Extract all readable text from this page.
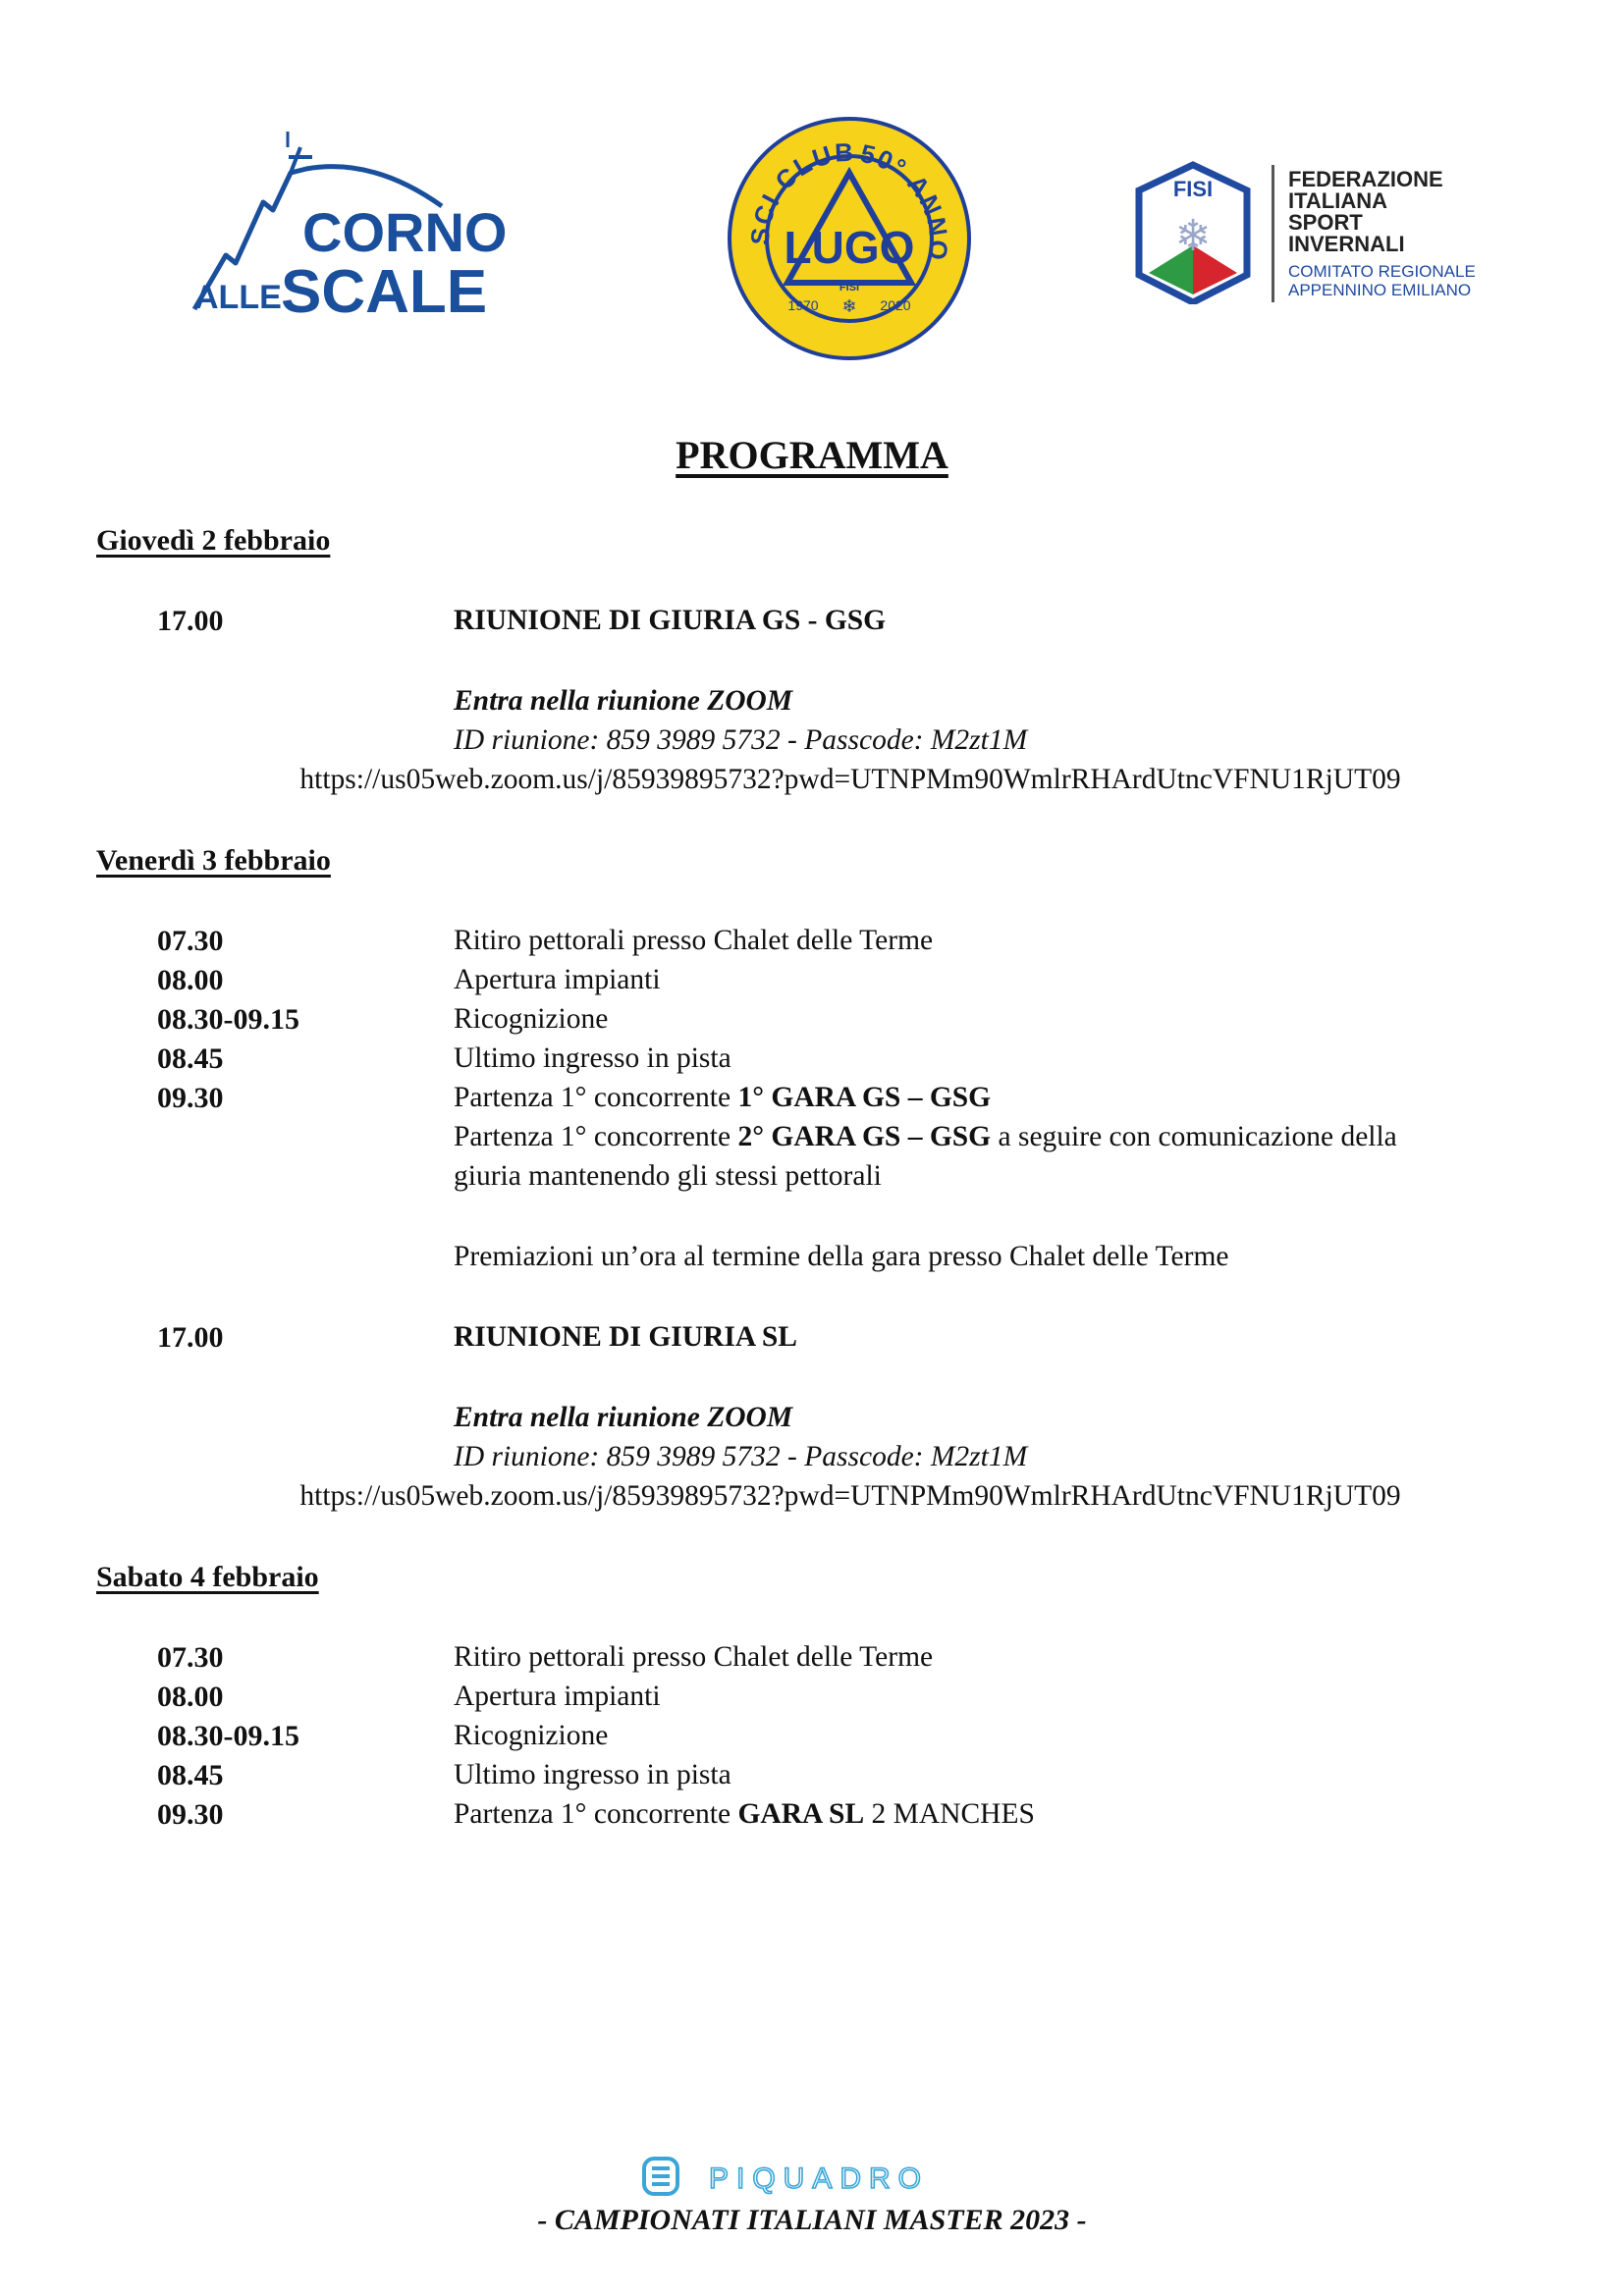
CORNO
ALLE SCALE
SCI CLUB 50° ANNO
LUGO
FISI
1970	2020
❄
FISI
❄
FEDERAZIONE ITALIANA SPORT INVERNALI
COMITATO REGIONALE APPENNINO EMILIANO
PROGRAMMA
Giovedì 2 febbraio
17.00	RIUNIONE DI GIURIA GS - GSG
Entra nella riunione ZOOM
ID riunione: 859 3989 5732 - Passcode: M2zt1M
https://us05web.zoom.us/j/85939895732?pwd=UTNPMm90WmlrRHArdUtncVFNU1RjUT09
Venerdì 3 febbraio
07.30	Ritiro pettorali presso Chalet delle Terme
08.00	Apertura impianti
08.30-09.15	Ricognizione
08.45	Ultimo ingresso in pista
09.30	Partenza 1° concorrente 1° GARA GS – GSG
Partenza 1° concorrente 2° GARA GS – GSG a seguire con comunicazione della
giuria mantenendo gli stessi pettorali
Premiazioni un’ora al termine della gara presso Chalet delle Terme
17.00	RIUNIONE DI GIURIA SL
Entra nella riunione ZOOM
ID riunione: 859 3989 5732 - Passcode: M2zt1M
https://us05web.zoom.us/j/85939895732?pwd=UTNPMm90WmlrRHArdUtncVFNU1RjUT09
Sabato 4 febbraio
07.30	Ritiro pettorali presso Chalet delle Terme
08.00	Apertura impianti
08.30-09.15	Ricognizione
08.45	Ultimo ingresso in pista
09.30	Partenza 1° concorrente GARA SL 2 MANCHES
PIQUADRO
- CAMPIONATI ITALIANI MASTER 2023 -
